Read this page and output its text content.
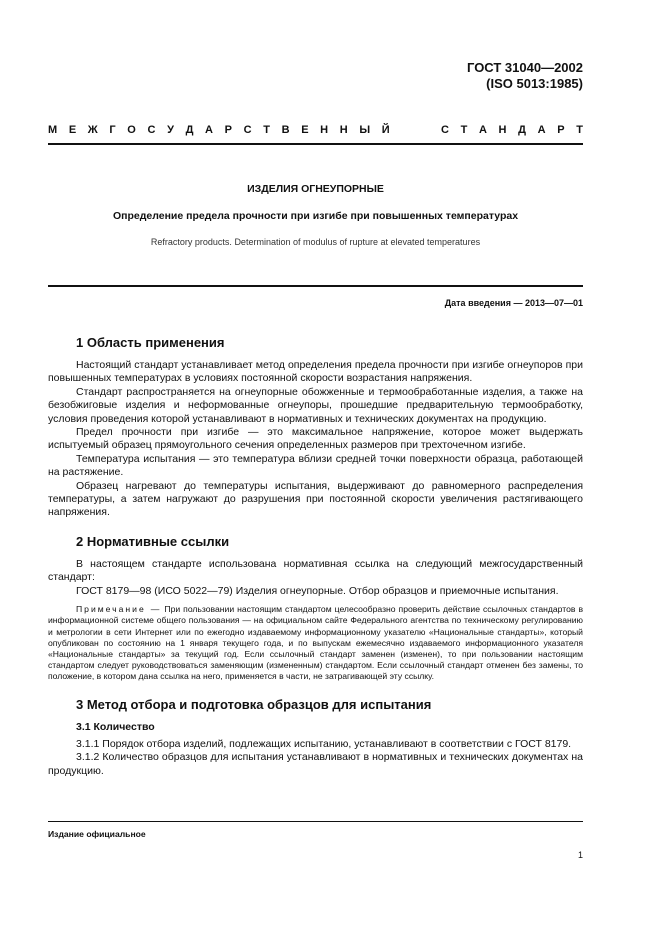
ГОСТ 31040—2002
(ISO 5013:1985)
М Е Ж Г О С У Д А Р С Т В Е Н Н Ы Й	С Т А Н Д А Р Т
ИЗДЕЛИЯ ОГНЕУПОРНЫЕ
Определение предела прочности при изгибе при повышенных температурах
Refractory products. Determination of modulus of rupture at elevated temperatures
Дата введения — 2013—07—01
1 Область применения

Настоящий стандарт устанавливает метод определения предела прочности при изгибе огнеупоров при повышенных температурах в условиях постоянной скорости возрастания напряжения.

Стандарт распространяется на огнеупорные обожженные и термообработанные изделия, а также на безобжиговые изделия и неформованные огнеупоры, прошедшие предварительную термообработку, условия проведения которой устанавливают в нормативных и технических документах на продукцию.

Предел прочности при изгибе — это максимальное напряжение, которое может выдержать испытуемый образец прямоугольного сечения определенных размеров при трехточечном изгибе.

Температура испытания — это температура вблизи средней точки поверхности образца, работающей на растяжение.

Образец нагревают до температуры испытания, выдерживают до равномерного распределения температуры, а затем нагружают до разрушения при постоянной скорости увеличения растягивающего напряжения.

2 Нормативные ссылки

В настоящем стандарте использована нормативная ссылка на следующий межгосударственный стандарт:

ГОСТ 8179—98 (ИСО 5022—79) Изделия огнеупорные. Отбор образцов и приемочные испытания.

Примечание — При пользовании настоящим стандартом целесообразно проверить действие ссылочных стандартов в информационной системе общего пользования — на официальном сайте Федерального агентства по техническому регулированию и метрологии в сети Интернет или по ежегодно издаваемому информационному указателю «Национальные стандарты», который опубликован по состоянию на 1 января текущего года, и по выпускам ежемесячно издаваемого информационного указателя «Национальные стандарты» за текущий год. Если ссылочный стандарт заменен (изменен), то при пользовании настоящим стандартом следует руководствоваться заменяющим (измененным) стандартом. Если ссылочный стандарт отменен без замены, то положение, в котором дана ссылка на него, применяется в части, не затрагивающей эту ссылку.

3 Метод отбора и подготовка образцов для испытания
3.1 Количество

3.1.1 Порядок отбора изделий, подлежащих испытанию, устанавливают в соответствии с ГОСТ 8179.

3.1.2 Количество образцов для испытания устанавливают в нормативных и технических документах на продукцию.

Издание официальное
1
